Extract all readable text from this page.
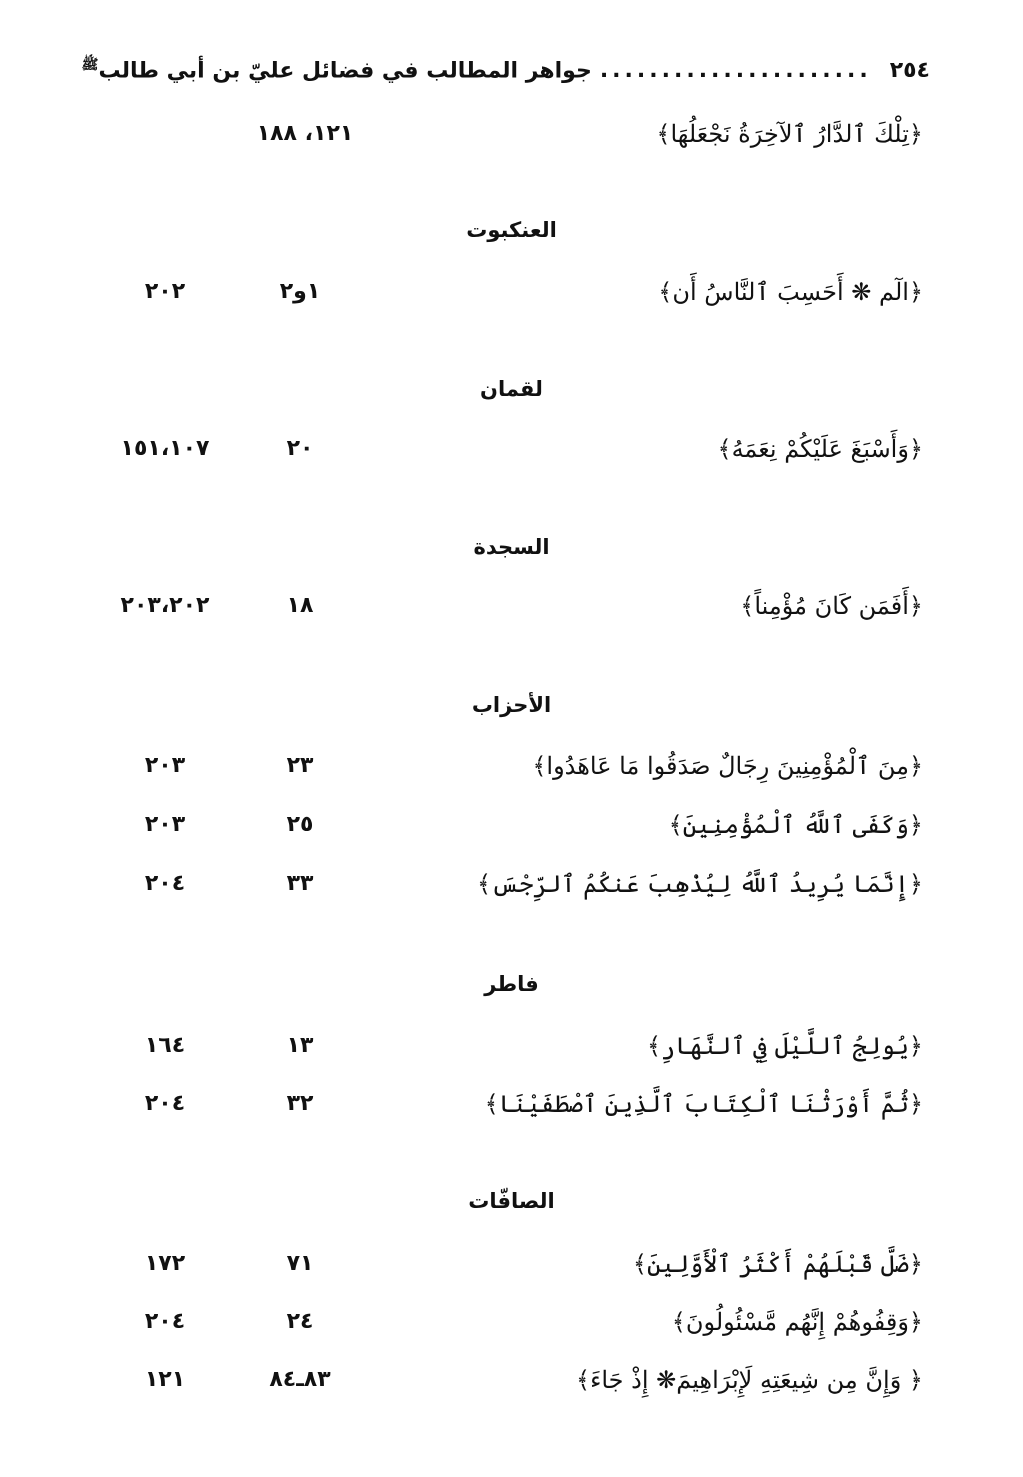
٢٥٤
......................
جواهر المطالب في فضائل عليّ بن أبي طالب$^ﷺ$
﴿تِلْكَ ٱلدَّارُ ٱلآخِرَةُ نَجْعَلُهَا﴾
١٢١، ١٨٨
العنكبوت
﴿الٓم ❋ أَحَسِبَ ٱلنَّاسُ أَن﴾
١و٢
٢٠٢
لقمان
﴿وَأَسْبَغَ عَلَيْكُمْ نِعَمَهُ﴾
٢٠
١٥١،١٠٧
السجدة
﴿أَفَمَن كَانَ مُؤْمِناً﴾
١٨
٢٠٣،٢٠٢
الأحزاب
﴿مِنَ ٱلْمُؤْمِنِينَ رِجَالٌ صَدَقُوا مَا عَاهَدُوا﴾
٢٣
٢٠٣
﴿وَكَفَى ٱللَّهُ ٱلْمُؤْمِنِينَ﴾
٢٥
٢٠٣
﴿إِنَّمَا يُرِيدُ ٱللَّهُ لِيُذْهِبَ عَنكُمُ ٱلرِّجْسَ﴾
٣٣
٢٠٤
فاطر
﴿يُولِجُ ٱللَّيْلَ فِي ٱلنَّهَارِ﴾
١٣
١٦٤
﴿ثُمَّ أَوْرَثْنَا ٱلْكِتَابَ ٱلَّذِينَ ٱصْطَفَيْنَا﴾
٣٢
٢٠٤
الصافّات
﴿ضَلَّ قَبْلَهُمْ أَكْثَرُ ٱلْأَوَّلِينَ﴾
٧١
١٧٢
﴿وَقِفُوهُمْ إِنَّهُم مَّسْئُولُونَ﴾
٢٤
٢٠٤
﴿ وَإِنَّ مِن شِيعَتِهِ لَإِبْرَاهِيمَ❋ إِذْ جَاءَ﴾
٨٣ـ٨٤
١٢١
